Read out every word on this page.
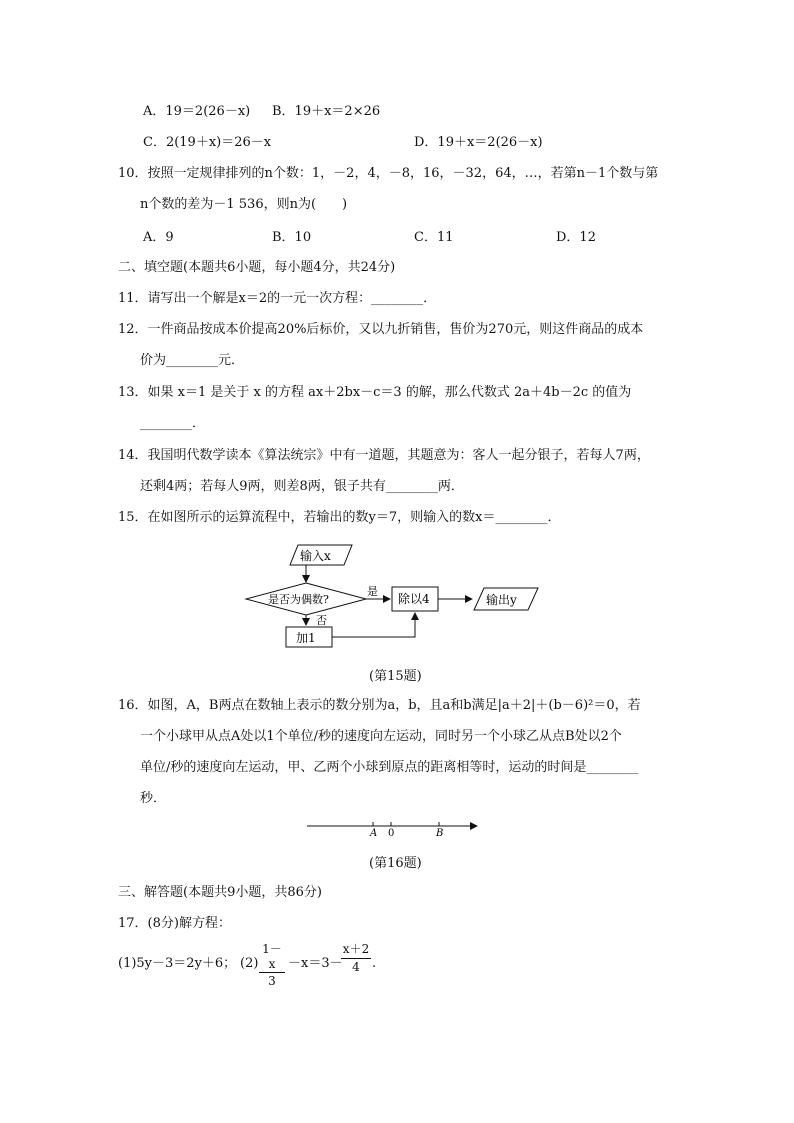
A．19＝2(26－x) B．19＋x＝2×26
C．2(19＋x)＝26－x	D．19＋x＝2(26－x)
10．按照一定规律排列的n个数：1，－2，4，－8，16，－32，64，…，若第n－1个数与第
n个数的差为－1 536，则n为(　　)
A．9	B．10	C．11	D．12
二、填空题(本题共6小题，每小题4分，共24分)
11．请写出一个解是x＝2的一元一次方程：________．
12．一件商品按成本价提高20%后标价，又以九折销售，售价为270元，则这件商品的成本
价为________元．
13．如果 x＝1 是关于 x 的方程 ax＋2bx－c＝3 的解，那么代数式 2a＋4b－2c 的值为
________．
14．我国明代数学读本《算法统宗》中有一道题，其题意为：客人一起分银子，若每人7两，
还剩4两；若每人9两，则差8两，银子共有________两．
15．在如图所示的运算流程中，若输出的数y＝7，则输入的数x＝________．
输入x
是否为偶数?
是
除以4	输出y
否
加1
(第15题)
16．如图，A，B两点在数轴上表示的数分别为a，b，且a和b满足|a＋2|＋(b－6)²＝0，若
一个小球甲从点A处以1个单位/秒的速度向左运动，同时另一个小球乙从点B处以2个
单位/秒的速度向左运动，甲、乙两个小球到原点的距离相等时，运动的时间是________
秒．
A 0	B
(第16题)
三、解答题(本题共9小题，共86分)
17．(8分)解方程：
(1)5y－3＝2y＋6； (2)
1－x
3
－x＝3－
x＋2
4 .
